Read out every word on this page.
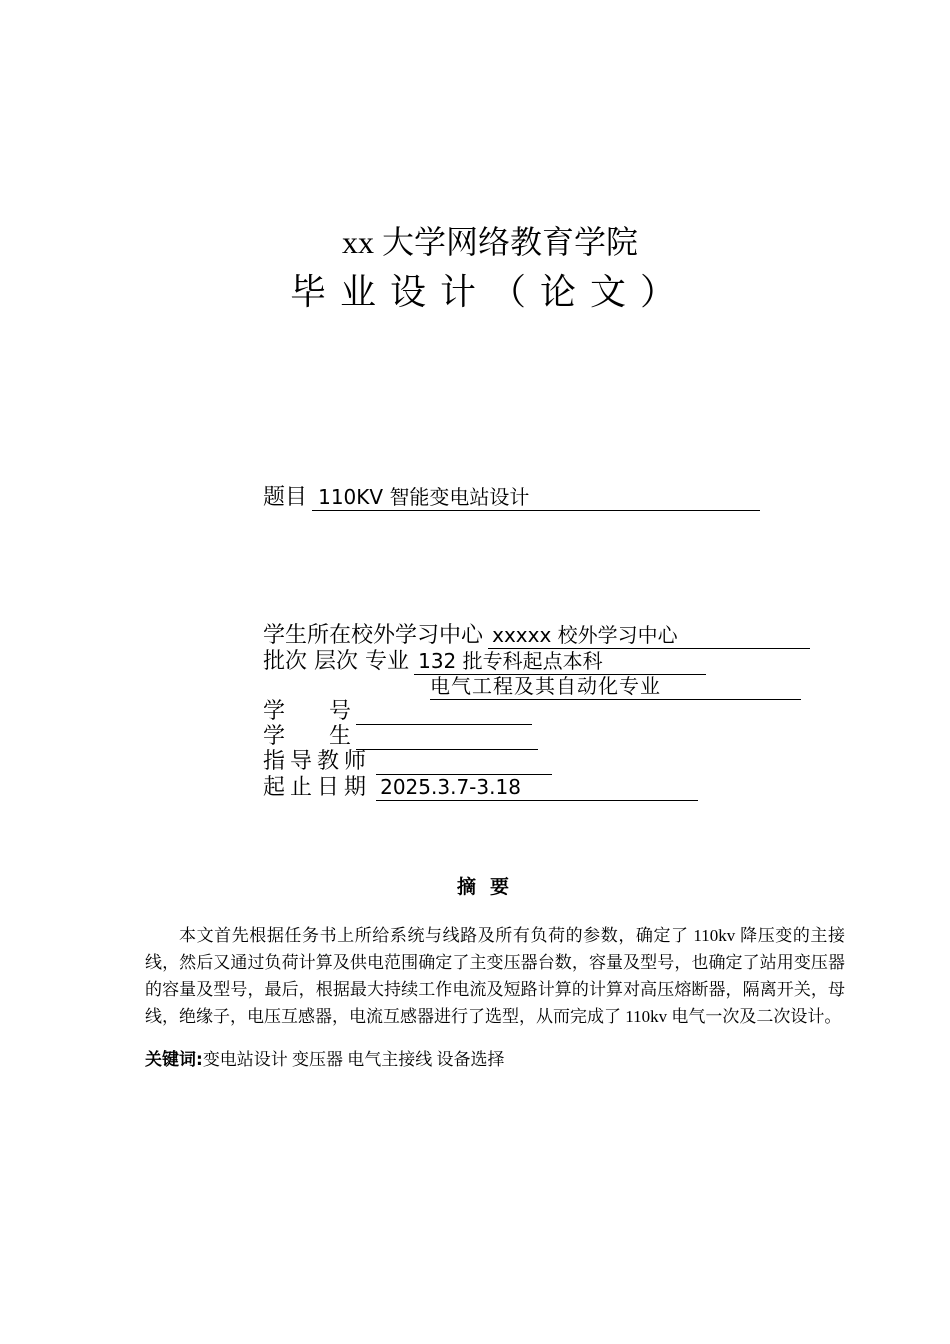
xx 大学网络教育学院
毕业设计（论文）
题目 110KV 智能变电站设计
学生所在校外学习中心 xxxxx 校外学习中心
批次 层次 专业 132 批专科起点本科
电气工程及其自动化专业
学　　号
学　　生
指导教师
起止日期 2025.3.7-3.18
摘要
本文首先根据任务书上所给系统与线路及所有负荷的参数，确定了 110kv 降压变的主接线，然后又通过负荷计算及供电范围确定了主变压器台数，容量及型号，也确定了站用变压器的容量及型号，最后，根据最大持续工作电流及短路计算的计算对高压熔断器，隔离开关，母线，绝缘子，电压互感器，电流互感器进行了选型，从而完成了 110kv 电气一次及二次设计。
关键词:变电站设计 变压器 电气主接线 设备选择
